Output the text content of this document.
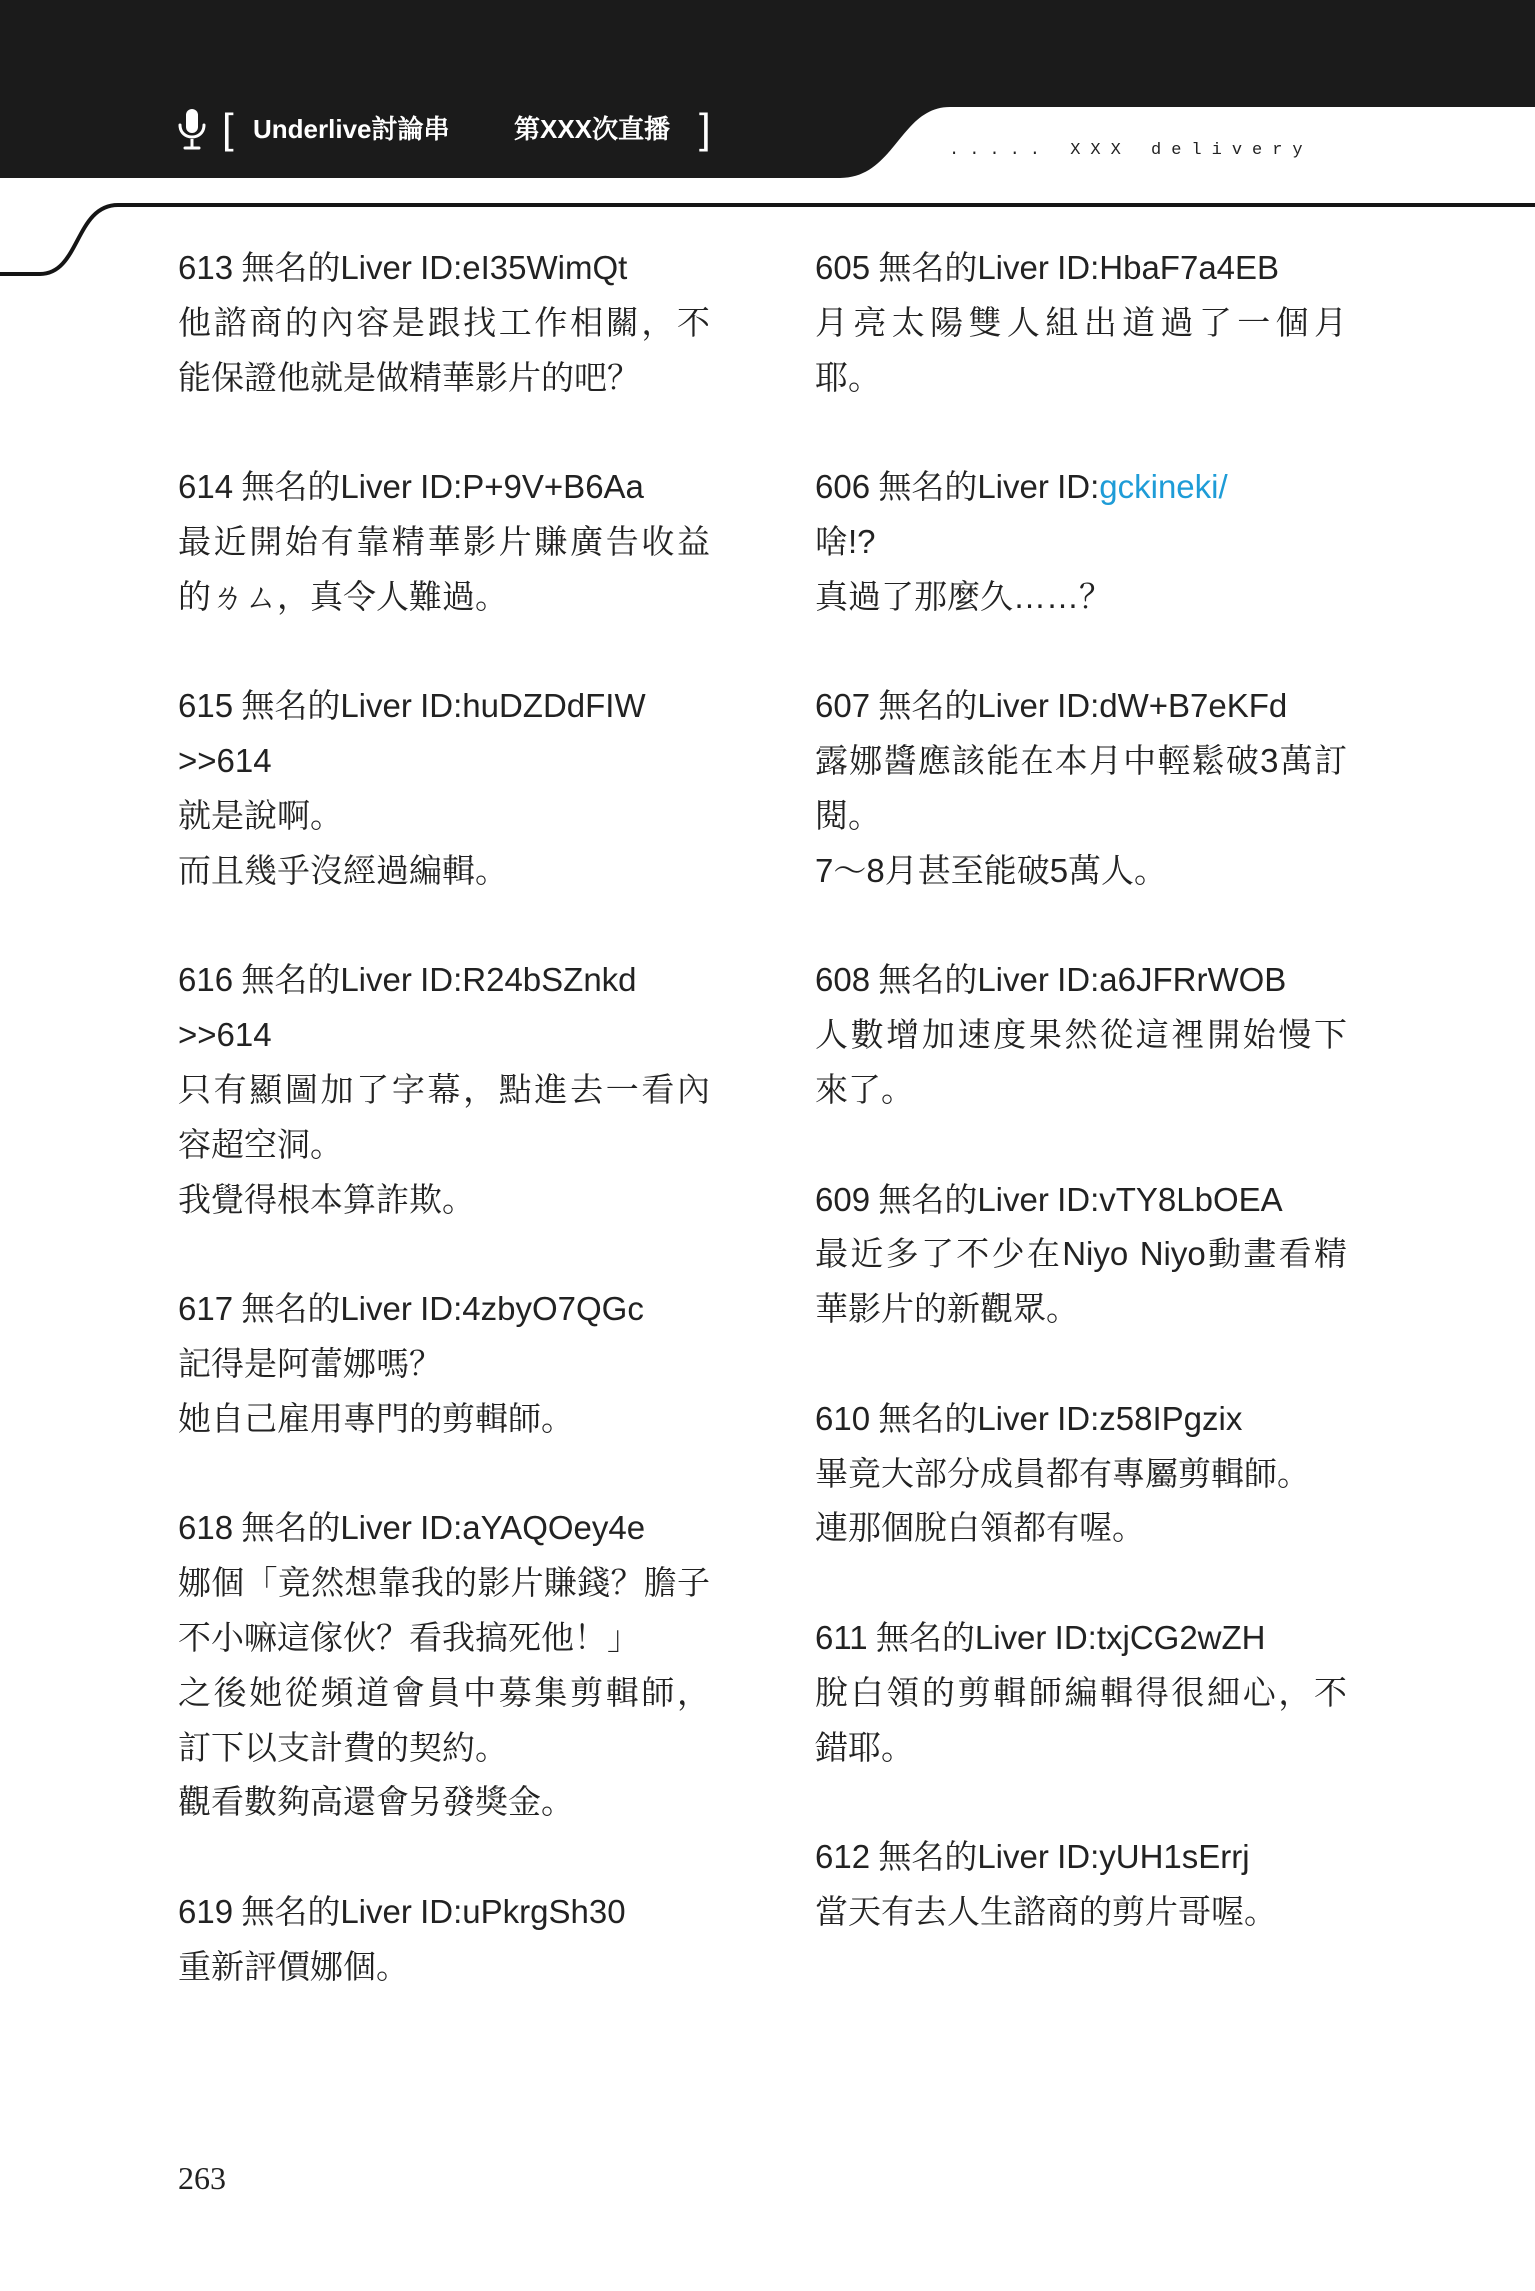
[ Underlive討論串 第XXX次直播 ]	..... XXX delivery
613 無名的Liver ID:eI35WimQt
他諮商的內容是跟找工作相關，不
能保證他就是做精華影片的吧？
614 無名的Liver ID:P+9V+B6Aa
最近開始有靠精華影片賺廣告收益
的ㄌㄙ，真令人難過。
615 無名的Liver ID:huDZDdFIW
>>614
就是說啊。
而且幾乎沒經過編輯。
616 無名的Liver ID:R24bSZnkd
>>614
只有顯圖加了字幕，點進去一看內
容超空洞。
我覺得根本算詐欺。
617 無名的Liver ID:4zbyO7QGc
記得是阿蕾娜嗎？
她自己雇用專門的剪輯師。
618 無名的Liver ID:aYAQOey4e
娜個「竟然想靠我的影片賺錢？膽子
不小嘛這傢伙？看我搞死他！」
之後她從頻道會員中募集剪輯師，
訂下以支計費的契約。
觀看數夠高還會另發獎金。
619 無名的Liver ID:uPkrgSh30
重新評價娜個。
605 無名的Liver ID:HbaF7a4EB
月亮太陽雙人組出道過了一個月
耶。
606 無名的Liver ID:gckineki/
啥!?
真過了那麼久……？
607 無名的Liver ID:dW+B7eKFd
露娜醬應該能在本月中輕鬆破3萬訂
閱。
7～8月甚至能破5萬人。
608 無名的Liver ID:a6JFRrWOB
人數增加速度果然從這裡開始慢下
來了。
609 無名的Liver ID:vTY8LbOEA
最近多了不少在Niyo Niyo動畫看精
華影片的新觀眾。
610 無名的Liver ID:z58IPgzix
畢竟大部分成員都有專屬剪輯師。
連那個脫白領都有喔。
611 無名的Liver ID:txjCG2wZH
脫白領的剪輯師編輯得很細心，不
錯耶。
612 無名的Liver ID:yUH1sErrj
當天有去人生諮商的剪片哥喔。
263
